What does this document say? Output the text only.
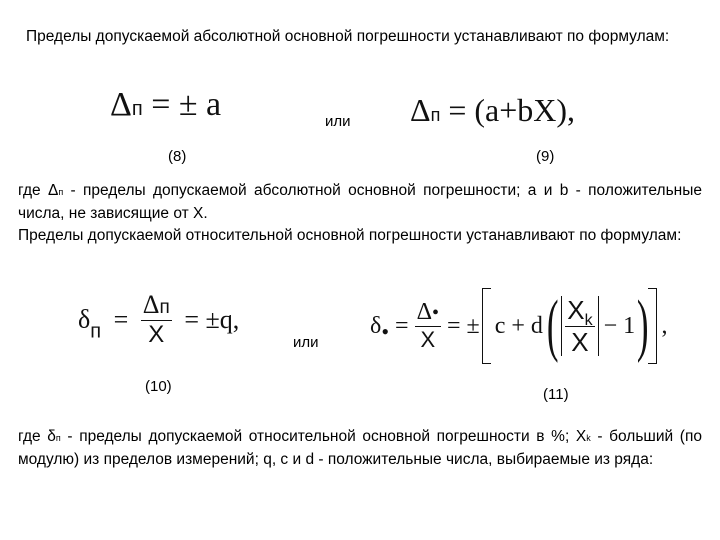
Пределы допускаемой абсолютной основной погрешности устанавливают по формулам:
Δп = ± a	или Δп = (a+bX),
(8)	(9)
где Δп - пределы допускаемой абсолютной основной погрешности; а и b - положительные числа, не зависящие от Х.
Пределы допускаемой относительной основной погрешности устанавливают по формулам:
$\delta_п = \frac{\Delta п}{X} = \pm q$,
или
δ • = $\frac{\Delta•}{X}$ = ± c + d ( $\frac{X_k}{X} - 1$ ) ,
(10)	(11)
где δп - пределы допускаемой относительной основной погрешности в %; Хk - больший (по модулю) из пределов измерений; q, c и d - положительные числа, выбираемые из ряда:
